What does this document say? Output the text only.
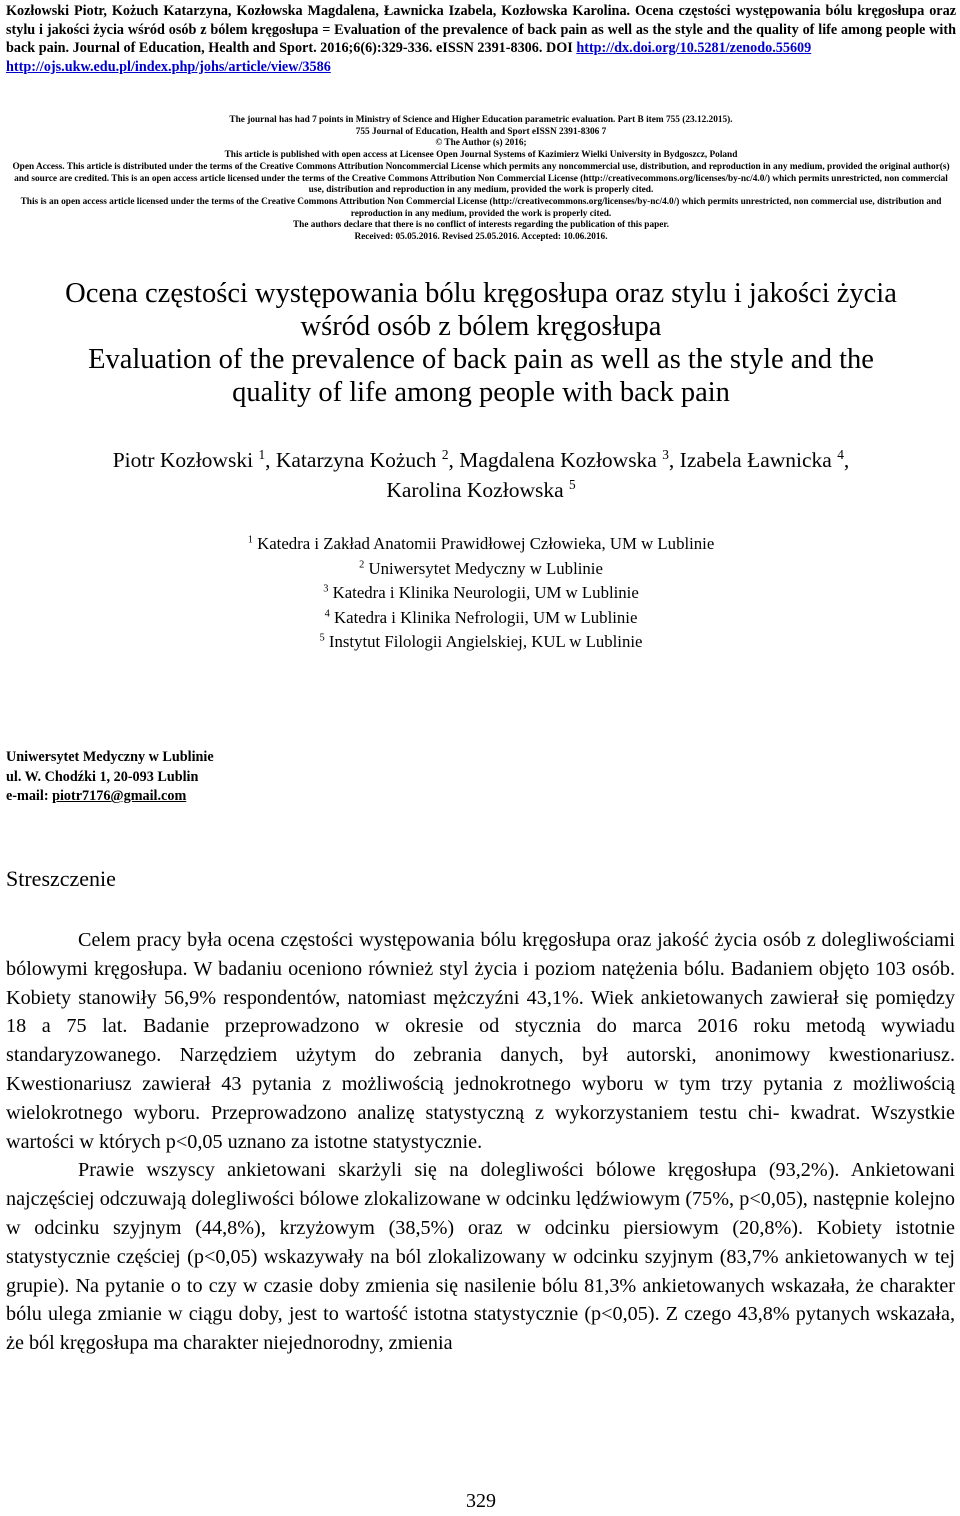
Kozłowski Piotr, Kożuch Katarzyna, Kozłowska Magdalena, Ławnicka Izabela, Kozłowska Karolina. Ocena częstości występowania bólu kręgosłupa oraz stylu i jakości życia wśród osób z bólem kręgosłupa = Evaluation of the prevalence of back pain as well as the style and the quality of life among people with back pain. Journal of Education, Health and Sport. 2016;6(6):329-336. eISSN 2391-8306. DOI http://dx.doi.org/10.5281/zenodo.55609
http://ojs.ukw.edu.pl/index.php/johs/article/view/3586
The journal has had 7 points in Ministry of Science and Higher Education parametric evaluation. Part B item 755 (23.12.2015).
755 Journal of Education, Health and Sport eISSN 2391-8306 7
© The Author (s) 2016;
This article is published with open access at Licensee Open Journal Systems of Kazimierz Wielki University in Bydgoszcz, Poland
Open Access. This article is distributed under the terms of the Creative Commons Attribution Noncommercial License which permits any noncommercial use, distribution, and reproduction in any medium, provided the original author(s) and source are credited. This is an open access article licensed under the terms of the Creative Commons Attribution Non Commercial License (http://creativecommons.org/licenses/by-nc/4.0/) which permits unrestricted, non commercial use, distribution and reproduction in any medium, provided the work is properly cited.
This is an open access article licensed under the terms of the Creative Commons Attribution Non Commercial License (http://creativecommons.org/licenses/by-nc/4.0/) which permits unrestricted, non commercial use, distribution and reproduction in any medium, provided the work is properly cited.
The authors declare that there is no conflict of interests regarding the publication of this paper.
Received: 05.05.2016. Revised 25.05.2016. Accepted: 10.06.2016.
Ocena częstości występowania bólu kręgosłupa oraz stylu i jakości życia
wśród osób z bólem kręgosłupa
Evaluation of the prevalence of back pain as well as the style and the
quality of life among people with back pain
Piotr Kozłowski $^1$, Katarzyna Kożuch $^2$, Magdalena Kozłowska $^3$, Izabela Ławnicka $^4$,
Karolina Kozłowska $^5$
$^1$ Katedra i Zakład Anatomii Prawidłowej Człowieka, UM w Lublinie
$^2$ Uniwersytet Medyczny w Lublinie
$^3$ Katedra i Klinika Neurologii, UM w Lublinie
$^4$ Katedra i Klinika Nefrologii, UM w Lublinie
$^5$ Instytut Filologii Angielskiej, KUL w Lublinie
Uniwersytet Medyczny w Lublinie
ul. W. Chodźki 1, 20-093 Lublin
e-mail: piotr7176@gmail.com
Streszczenie

Celem pracy była ocena częstości występowania bólu kręgosłupa oraz jakość życia osób z dolegliwościami bólowymi kręgosłupa. W badaniu oceniono również styl życia i poziom natężenia bólu. Badaniem objęto 103 osób. Kobiety stanowiły 56,9% respondentów, natomiast mężczyźni 43,1%. Wiek ankietowanych zawierał się pomiędzy 18 a 75 lat. Badanie przeprowadzono w okresie od stycznia do marca 2016 roku metodą wywiadu standaryzowanego. Narzędziem użytym do zebrania danych, był autorski, anonimowy kwestionariusz. Kwestionariusz zawierał 43 pytania z możliwością jednokrotnego wyboru w tym trzy pytania z możliwością wielokrotnego wyboru. Przeprowadzono analizę statystyczną z wykorzystaniem testu chi- kwadrat. Wszystkie wartości w których p<0,05 uznano za istotne statystycznie.

Prawie wszyscy ankietowani skarżyli się na dolegliwości bólowe kręgosłupa (93,2%). Ankietowani najczęściej odczuwają dolegliwości bólowe zlokalizowane w odcinku lędźwiowym (75%, p<0,05), następnie kolejno w odcinku szyjnym (44,8%), krzyżowym (38,5%) oraz w odcinku piersiowym (20,8%). Kobiety istotnie statystycznie częściej (p<0,05) wskazywały na ból zlokalizowany w odcinku szyjnym (83,7% ankietowanych w tej grupie). Na pytanie o to czy w czasie doby zmienia się nasilenie bólu 81,3% ankietowanych wskazała, że charakter bólu ulega zmianie w ciągu doby, jest to wartość istotna statystycznie (p<0,05). Z czego 43,8% pytanych wskazała, że ból kręgosłupa ma charakter niejednorodny, zmienia

329
